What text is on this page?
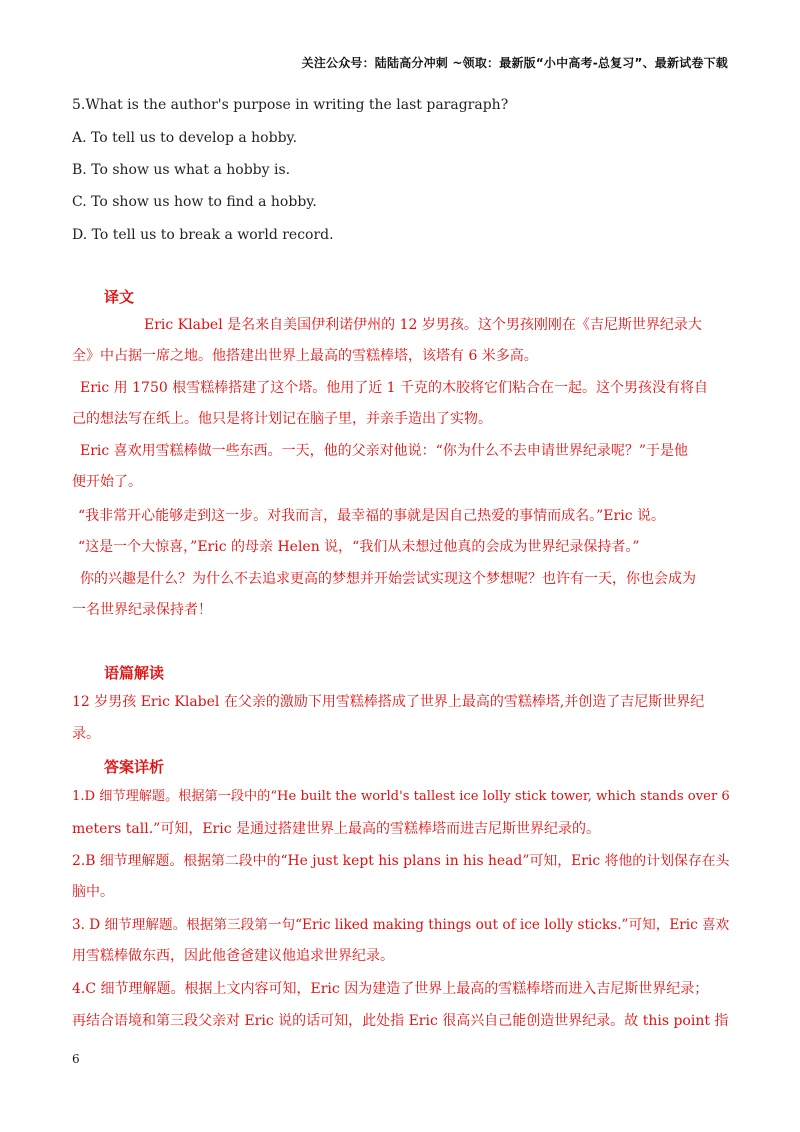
关注公众号：陆陆高分冲刺 ~领取：最新版“小中高考-总复习”、最新试卷下载
5.What is the author's purpose in writing the last paragraph?
A. To tell us to develop a hobby.
B. To show us what a hobby is.
C. To show us how to find a hobby.
D. To tell us to break a world record.
译文
Eric Klabel 是名来自美国伊利诺伊州的 12 岁男孩。这个男孩刚刚在《吉尼斯世界纪录大
全》中占据一席之地。他搭建出世界上最高的雪糕棒塔，该塔有 6 米多高。
Eric 用 1750 根雪糕棒搭建了这个塔。他用了近 1 千克的木胶将它们粘合在一起。这个男孩没有将自
己的想法写在纸上。他只是将计划记在脑子里，并亲手造出了实物。
Eric 喜欢用雪糕棒做一些东西。一天，他的父亲对他说：“你为什么不去申请世界纪录呢？”于是他
便开始了。
“我非常开心能够走到这一步。对我而言，最幸福的事就是因自己热爱的事情而成名。”Eric 说。
“这是一个大惊喜，”Eric 的母亲 Helen 说，“我们从未想过他真的会成为世界纪录保持者。”
你的兴趣是什么？为什么不去追求更高的梦想并开始尝试实现这个梦想呢？也许有一天，你也会成为
一名世界纪录保持者！
语篇解读
12 岁男孩 Eric Klabel 在父亲的激励下用雪糕棒搭成了世界上最高的雪糕棒塔,并创造了吉尼斯世界纪
录。
答案详析
1.D 细节理解题。根据第一段中的“He built the world's tallest ice lolly stick tower, which stands over 6
meters tall.”可知，Eric 是通过搭建世界上最高的雪糕棒塔而进吉尼斯世界纪录的。
2.B 细节理解题。根据第二段中的“He just kept his plans in his head”可知，Eric 将他的计划保存在头
脑中。
3. D 细节理解题。根据第三段第一句“Eric liked making things out of ice lolly sticks.”可知，Eric 喜欢
用雪糕棒做东西，因此他爸爸建议他追求世界纪录。
4.C 细节理解题。根据上文内容可知，Eric 因为建造了世界上最高的雪糕棒塔而进入吉尼斯世界纪录；
再结合语境和第三段父亲对 Eric 说的话可知，此处指 Eric 很高兴自己能创造世界纪录。故 this point 指
6
